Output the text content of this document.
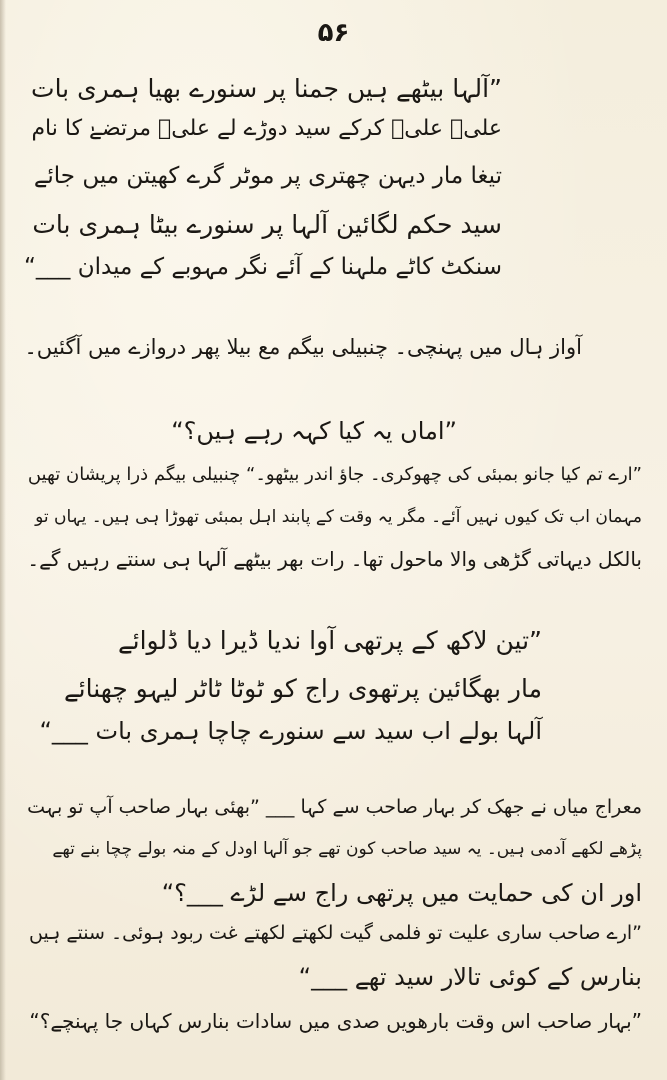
۵۶
”آلہا بیٹھے ہیں جمنا پر سنورے بھیا ہمری بات
علیؑ علیؑ کرکے سید دوڑے لے علیؑ مرتضےٰ کا نام
تیغا مار دیہن چھتری پر موٹر گرے کھیتن میں جائے
سید حکم لگائین آلہا پر سنورے بیٹا ہمری بات
سنکٹ کاٹے ملہنا کے آئے نگر مہوبے کے میدان ___“
آواز ہال میں پہنچی۔ چنبیلی بیگم مع بیلا پھر دروازے میں آگئیں۔
”اماں یہ کیا کہہ رہے ہیں؟“
”ارے تم کیا جانو بمبئی کی چھوکری۔ جاؤ اندر بیٹھو۔“ چنبیلی بیگم ذرا پریشان تھیں
مہمان اب تک کیوں نہیں آئے۔ مگر یہ وقت کے پابند اہل بمبئی تھوڑا ہی ہیں۔ یہاں تو
بالکل دیہاتی گڑھی والا ماحول تھا۔ رات بھر بیٹھے آلہا ہی سنتے رہیں گے۔
”تین لاکھ کے پرتھی آوا ندیا ڈیرا دیا ڈلوائے
مار بھگائین پرتھوی راج کو ٹوٹا ٹاٹر لیہو چھنائے
آلہا بولے اب سید سے سنورے چاچا ہمری بات ___“
معراج میاں نے جھک کر بہار صاحب سے کہا ___ ”بھئی بہار صاحب آپ تو بہت
پڑھے لکھے آدمی ہیں۔ یہ سید صاحب کون تھے جو آلہا اودل کے منہ بولے چچا بنے تھے
اور ان کی حمایت میں پرتھی راج سے لڑے ___؟“
”ارے صاحب ساری علیت تو فلمی گیت لکھتے لکھتے غت ربود ہوئی۔ سنتے ہیں
بنارس کے کوئی تالار سید تھے ___“
”بہار صاحب اس وقت بارھویں صدی میں سادات بنارس کہاں جا پہنچے؟“
